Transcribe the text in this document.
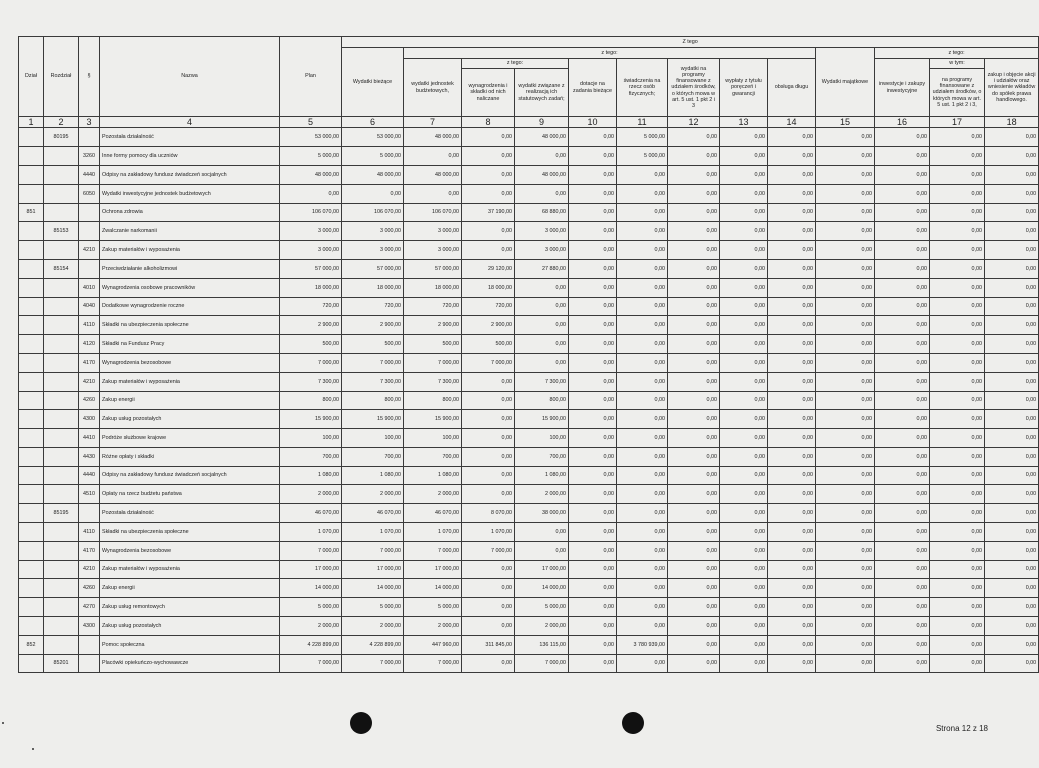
Dział	Rozdział	§	Nazwa	Plan	Z tego												
					Wydatki bieżące	z tego:								Wydatki majątkowe	z tego:		
						wydatki jednostek budżetowych,	z tego:		dotacje na zadania bieżące	świadczenia na rzecz osób fizycznych;	wydatki na programy finansowane z udziałem środków, o których mowa w art. 5 ust. 1 pkt 2 i 3	wypłaty z tytułu poręczeń i gwarancji	obsługa długu		inwestycje i zakupy inwestycyjne	w tym:	zakup i objęcie akcji i udziałów oraz wniesienie wkładów do spółek prawa handlowego.
							wynagrodzenia i składki od nich naliczane	wydatki związane z realizacją ich statutowych zadań;								na programy finansowane z udziałem środków, o których mowa w art. 5 ust. 1 pkt 2 i 3,	
1	2	3	4	5	6	7	8	9	10	11	12	13	14	15	16	17	18
	80195		Pozostała działalność	53 000,00	53 000,00	48 000,00	0,00	48 000,00	0,00	5 000,00	0,00	0,00	0,00	0,00	0,00	0,00	0,00
		3260	Inne formy pomocy dla uczniów	5 000,00	5 000,00	0,00	0,00	0,00	0,00	5 000,00	0,00	0,00	0,00	0,00	0,00	0,00	0,00
		4440	Odpisy na zakładowy fundusz świadczeń socjalnych	48 000,00	48 000,00	48 000,00	0,00	48 000,00	0,00	0,00	0,00	0,00	0,00	0,00	0,00	0,00	0,00
		6050	Wydatki inwestycyjne jednostek budżetowych	0,00	0,00	0,00	0,00	0,00	0,00	0,00	0,00	0,00	0,00	0,00	0,00	0,00	0,00
851			Ochrona zdrowia	106 070,00	106 070,00	106 070,00	37 190,00	68 880,00	0,00	0,00	0,00	0,00	0,00	0,00	0,00	0,00	0,00
	85153		Zwalczanie narkomanii	3 000,00	3 000,00	3 000,00	0,00	3 000,00	0,00	0,00	0,00	0,00	0,00	0,00	0,00	0,00	0,00
		4210	Zakup materiałów i wyposażenia	3 000,00	3 000,00	3 000,00	0,00	3 000,00	0,00	0,00	0,00	0,00	0,00	0,00	0,00	0,00	0,00
	85154		Przeciwdziałanie alkoholizmowi	57 000,00	57 000,00	57 000,00	29 120,00	27 880,00	0,00	0,00	0,00	0,00	0,00	0,00	0,00	0,00	0,00
		4010	Wynagrodzenia osobowe pracowników	18 000,00	18 000,00	18 000,00	18 000,00	0,00	0,00	0,00	0,00	0,00	0,00	0,00	0,00	0,00	0,00
		4040	Dodatkowe wynagrodzenie roczne	720,00	720,00	720,00	720,00	0,00	0,00	0,00	0,00	0,00	0,00	0,00	0,00	0,00	0,00
		4110	Składki na ubezpieczenia społeczne	2 900,00	2 900,00	2 900,00	2 900,00	0,00	0,00	0,00	0,00	0,00	0,00	0,00	0,00	0,00	0,00
		4120	Składki na Fundusz Pracy	500,00	500,00	500,00	500,00	0,00	0,00	0,00	0,00	0,00	0,00	0,00	0,00	0,00	0,00
		4170	Wynagrodzenia bezosobowe	7 000,00	7 000,00	7 000,00	7 000,00	0,00	0,00	0,00	0,00	0,00	0,00	0,00	0,00	0,00	0,00
		4210	Zakup materiałów i wyposażenia	7 300,00	7 300,00	7 300,00	0,00	7 300,00	0,00	0,00	0,00	0,00	0,00	0,00	0,00	0,00	0,00
		4260	Zakup energii	800,00	800,00	800,00	0,00	800,00	0,00	0,00	0,00	0,00	0,00	0,00	0,00	0,00	0,00
		4300	Zakup usług pozostałych	15 900,00	15 900,00	15 900,00	0,00	15 900,00	0,00	0,00	0,00	0,00	0,00	0,00	0,00	0,00	0,00
		4410	Podróże służbowe krajowe	100,00	100,00	100,00	0,00	100,00	0,00	0,00	0,00	0,00	0,00	0,00	0,00	0,00	0,00
		4430	Różne opłaty i składki	700,00	700,00	700,00	0,00	700,00	0,00	0,00	0,00	0,00	0,00	0,00	0,00	0,00	0,00
		4440	Odpisy na zakładowy fundusz świadczeń socjalnych	1 080,00	1 080,00	1 080,00	0,00	1 080,00	0,00	0,00	0,00	0,00	0,00	0,00	0,00	0,00	0,00
		4510	Opłaty na rzecz budżetu państwa	2 000,00	2 000,00	2 000,00	0,00	2 000,00	0,00	0,00	0,00	0,00	0,00	0,00	0,00	0,00	0,00
	85195		Pozostała działalność	46 070,00	46 070,00	46 070,00	8 070,00	38 000,00	0,00	0,00	0,00	0,00	0,00	0,00	0,00	0,00	0,00
		4110	Składki na ubezpieczenia społeczne	1 070,00	1 070,00	1 070,00	1 070,00	0,00	0,00	0,00	0,00	0,00	0,00	0,00	0,00	0,00	0,00
		4170	Wynagrodzenia bezosobowe	7 000,00	7 000,00	7 000,00	7 000,00	0,00	0,00	0,00	0,00	0,00	0,00	0,00	0,00	0,00	0,00
		4210	Zakup materiałów i wyposażenia	17 000,00	17 000,00	17 000,00	0,00	17 000,00	0,00	0,00	0,00	0,00	0,00	0,00	0,00	0,00	0,00
		4260	Zakup energii	14 000,00	14 000,00	14 000,00	0,00	14 000,00	0,00	0,00	0,00	0,00	0,00	0,00	0,00	0,00	0,00
		4270	Zakup usług remontowych	5 000,00	5 000,00	5 000,00	0,00	5 000,00	0,00	0,00	0,00	0,00	0,00	0,00	0,00	0,00	0,00
		4300	Zakup usług pozostałych	2 000,00	2 000,00	2 000,00	0,00	2 000,00	0,00	0,00	0,00	0,00	0,00	0,00	0,00	0,00	0,00
852			Pomoc społeczna	4 228 899,00	4 228 899,00	447 960,00	311 845,00	136 115,00	0,00	3 780 939,00	0,00	0,00	0,00	0,00	0,00	0,00	0,00
	85201		Placówki opiekuńczo-wychowawcze	7 000,00	7 000,00	7 000,00	0,00	7 000,00	0,00	0,00	0,00	0,00	0,00	0,00	0,00	0,00	0,00
Strona 12 z 18
